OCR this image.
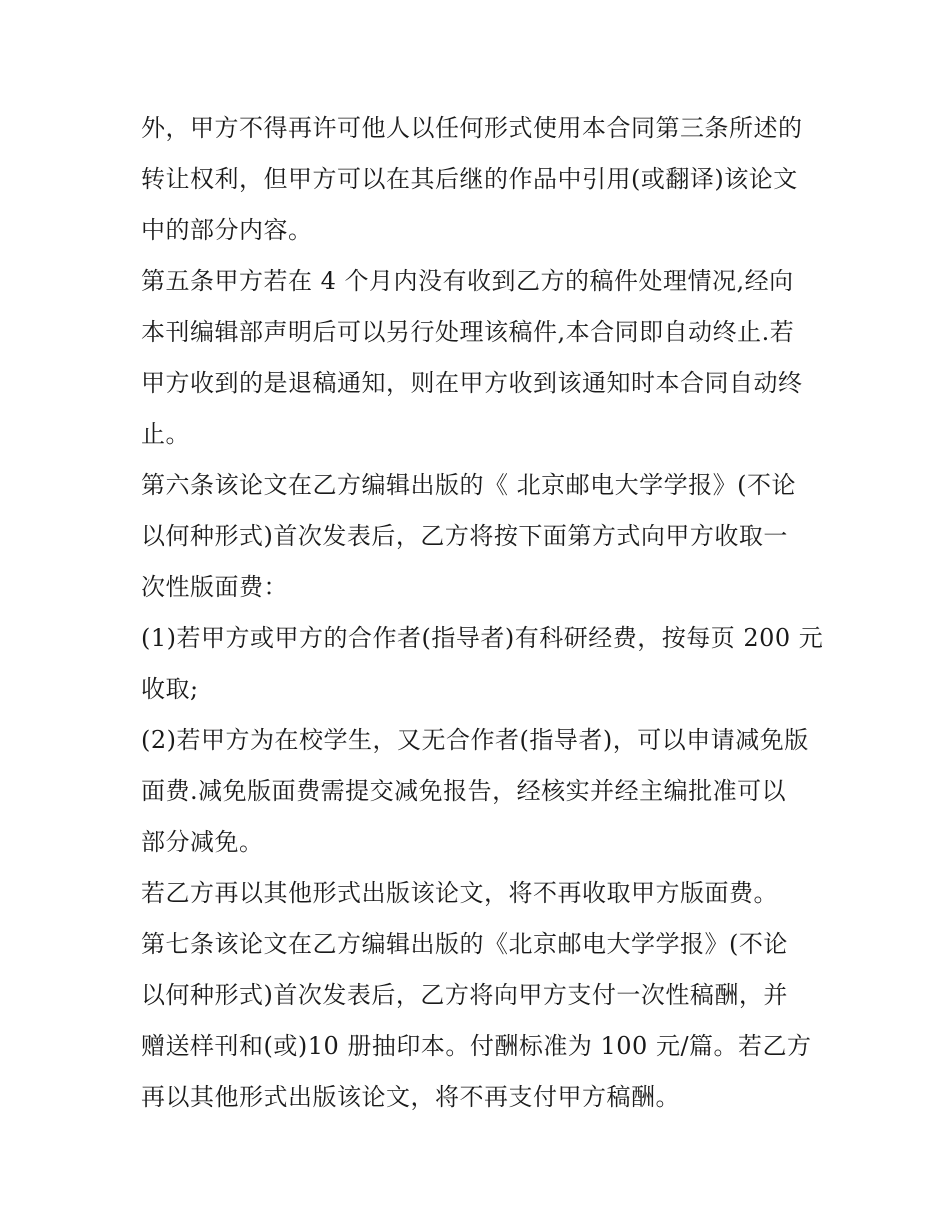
外，甲方不得再许可他人以任何形式使用本合同第三条所述的
转让权利，但甲方可以在其后继的作品中引用(或翻译)该论文
中的部分内容。
第五条甲方若在 4 个月内没有收到乙方的稿件处理情况,经向
本刊编辑部声明后可以另行处理该稿件,本合同即自动终止.若
甲方收到的是退稿通知，则在甲方收到该通知时本合同自动终
止。
第六条该论文在乙方编辑出版的《 北京邮电大学学报》(不论
以何种形式)首次发表后，乙方将按下面第方式向甲方收取一
次性版面费：
(1)若甲方或甲方的合作者(指导者)有科研经费，按每页 200 元
收取;
(2)若甲方为在校学生，又无合作者(指导者)，可以申请减免版
面费.减免版面费需提交减免报告，经核实并经主编批准可以
部分减免。
若乙方再以其他形式出版该论文，将不再收取甲方版面费。
第七条该论文在乙方编辑出版的《北京邮电大学学报》(不论
以何种形式)首次发表后，乙方将向甲方支付一次性稿酬，并
赠送样刊和(或)10 册抽印本。付酬标准为 100 元/篇。若乙方
再以其他形式出版该论文，将不再支付甲方稿酬。
